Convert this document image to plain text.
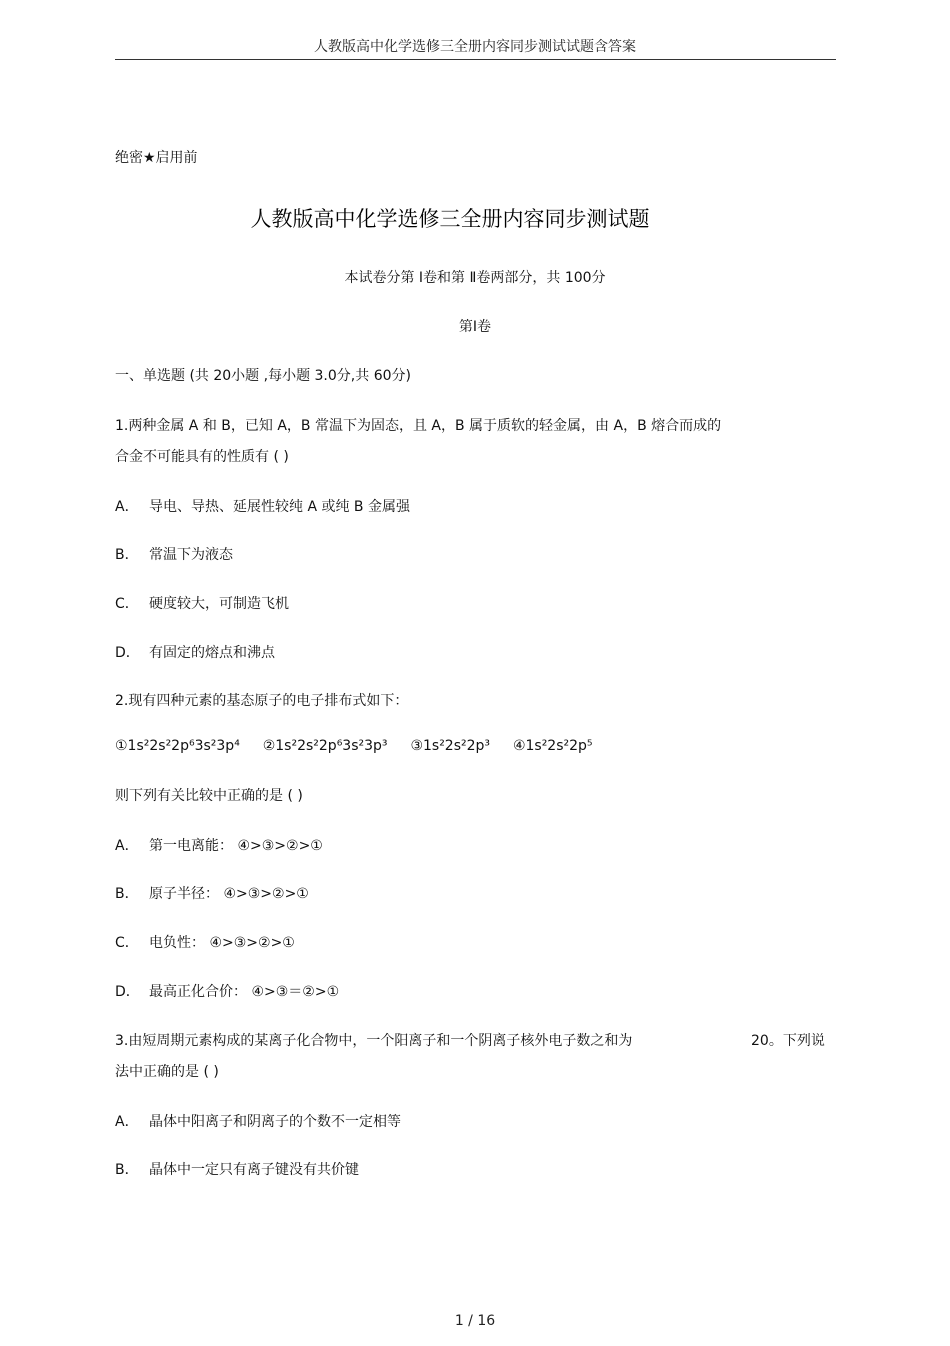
人教版高中化学选修三全册内容同步测试试题含答案
绝密★启用前
人教版高中化学选修三全册内容同步测试题
本试卷分第 Ⅰ卷和第 Ⅱ卷两部分，共 100分
第Ⅰ卷
一、单选题 (共 20小题 ,每小题 3.0分,共 60分)
1.两种金属 A 和 B，已知 A，B 常温下为固态，且 A，B 属于质软的轻金属，由 A，B 熔合而成的
合金不可能具有的性质有 ( )
A． 导电、导热、延展性较纯 A 或纯 B 金属强
B． 常温下为液态
C． 硬度较大，可制造飞机
D． 有固定的熔点和沸点
2.现有四种元素的基态原子的电子排布式如下：
①1s²2s²2p⁶3s²3p⁴ ②1s²2s²2p⁶3s²3p³ ③1s²2s²2p³ ④1s²2s²2p⁵
则下列有关比较中正确的是 ( )
A． 第一电离能： ④>③>②>①
B． 原子半径： ④>③>②>①
C． 电负性： ④>③>②>①
D． 最高正化合价： ④>③＝②>①
3.由短周期元素构成的某离子化合物中，一个阳离子和一个阴离子核外电子数之和为	20。下列说
法中正确的是 ( )
A． 晶体中阳离子和阴离子的个数不一定相等
B． 晶体中一定只有离子键没有共价键
1 / 16
